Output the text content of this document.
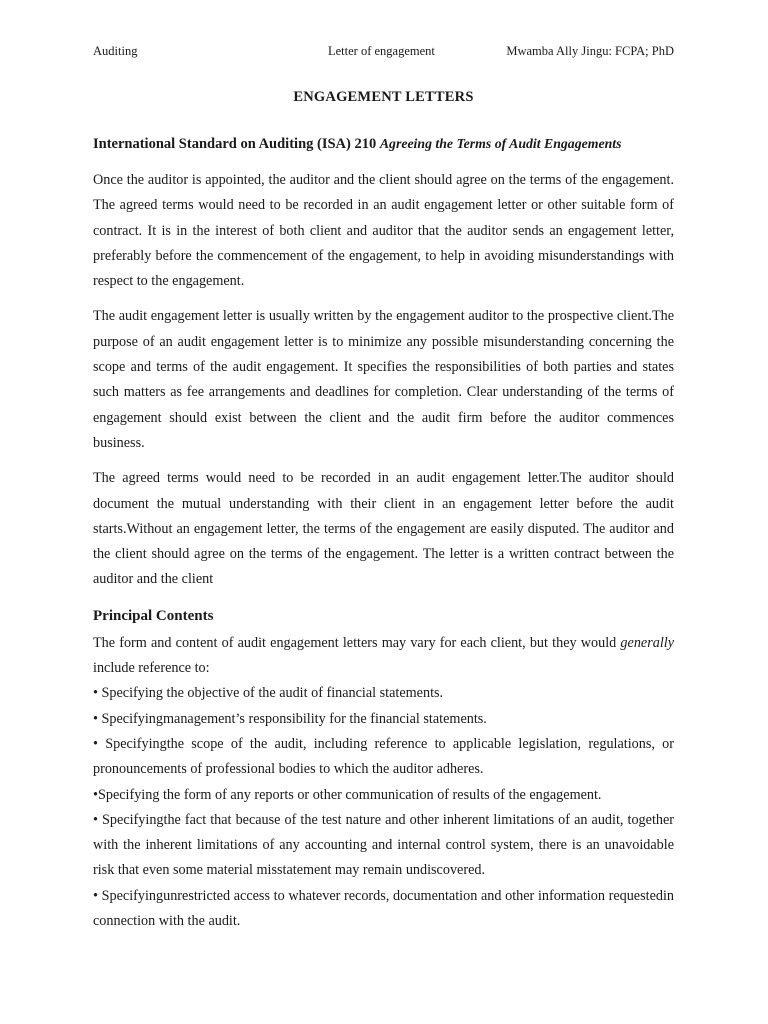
Auditing	Letter of engagement	Mwamba Ally Jingu: FCPA; PhD
ENGAGEMENT LETTERS
International Standard on Auditing (ISA) 210 Agreeing the Terms of Audit Engagements

Once the auditor is appointed, the auditor and the client should agree on the terms of the engagement. The agreed terms would need to be recorded in an audit engagement letter or other suitable form of contract. It is in the interest of both client and auditor that the auditor sends an engagement letter, preferably before the commencement of the engagement, to help in avoiding misunderstandings with respect to the engagement.

The audit engagement letter is usually written by the engagement auditor to the prospective client.The purpose of an audit engagement letter is to minimize any possible misunderstanding concerning the scope and terms of the audit engagement. It specifies the responsibilities of both parties and states such matters as fee arrangements and deadlines for completion. Clear understanding of the terms of engagement should exist between the client and the audit firm before the auditor commences business.

The agreed terms would need to be recorded in an audit engagement letter.The auditor should document the mutual understanding with their client in an engagement letter before the audit starts.Without an engagement letter, the terms of the engagement are easily disputed. The auditor and the client should agree on the terms of the engagement. The letter is a written contract between the auditor and the client

Principal Contents

The form and content of audit engagement letters may vary for each client, but they would generally include reference to:

• Specifying the objective of the audit of financial statements.

• Specifyingmanagement’s responsibility for the financial statements.

• Specifyingthe scope of the audit, including reference to applicable legislation, regulations, or pronouncements of professional bodies to which the auditor adheres.

•Specifying the form of any reports or other communication of results of the engagement.

• Specifyingthe fact that because of the test nature and other inherent limitations of an audit, together with the inherent limitations of any accounting and internal control system, there is an unavoidable risk that even some material misstatement may remain undiscovered.

• Specifyingunrestricted access to whatever records, documentation and other information requestedin connection with the audit.
